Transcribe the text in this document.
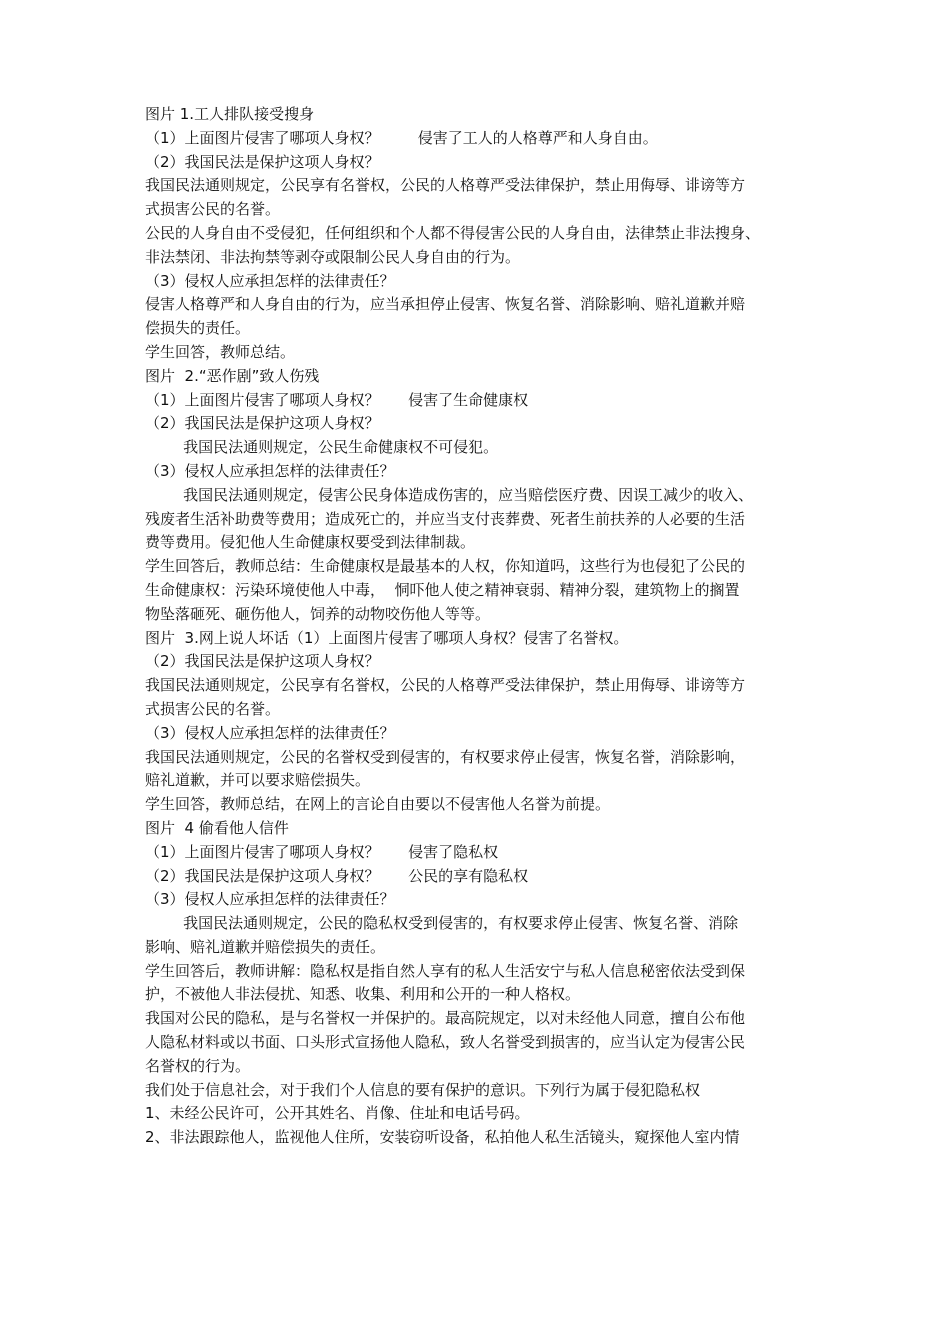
图片 1.工人排队接受搜身
（1）上面图片侵害了哪项人身权？        侵害了工人的人格尊严和人身自由。
（2）我国民法是保护这项人身权？
我国民法通则规定，公民享有名誉权，公民的人格尊严受法律保护，禁止用侮辱、诽谤等方
式损害公民的名誉。
公民的人身自由不受侵犯，任何组织和个人都不得侵害公民的人身自由，法律禁止非法搜身、
非法禁闭、非法拘禁等剥夺或限制公民人身自由的行为。
（3）侵权人应承担怎样的法律责任？
侵害人格尊严和人身自由的行为，应当承担停止侵害、恢复名誉、消除影响、赔礼道歉并赔
偿损失的责任。
学生回答，教师总结。
图片  2.“恶作剧”致人伤残
（1）上面图片侵害了哪项人身权？      侵害了生命健康权
（2）我国民法是保护这项人身权？
我国民法通则规定，公民生命健康权不可侵犯。
（3）侵权人应承担怎样的法律责任？
我国民法通则规定，侵害公民身体造成伤害的，应当赔偿医疗费、因误工减少的收入、
残废者生活补助费等费用；造成死亡的，并应当支付丧葬费、死者生前扶养的人必要的生活
费等费用。侵犯他人生命健康权要受到法律制裁。
学生回答后，教师总结：生命健康权是最基本的人权，你知道吗，这些行为也侵犯了公民的
生命健康权：污染环境使他人中毒，  恫吓他人使之精神衰弱、精神分裂，建筑物上的搁置
物坠落砸死、砸伤他人，饲养的动物咬伤他人等等。
图片  3.网上说人坏话（1）上面图片侵害了哪项人身权？侵害了名誉权。
（2）我国民法是保护这项人身权？
我国民法通则规定，公民享有名誉权，公民的人格尊严受法律保护，禁止用侮辱、诽谤等方
式损害公民的名誉。
（3）侵权人应承担怎样的法律责任？
我国民法通则规定，公民的名誉权受到侵害的，有权要求停止侵害，恢复名誉，消除影响，
赔礼道歉，并可以要求赔偿损失。
学生回答，教师总结，在网上的言论自由要以不侵害他人名誉为前提。
图片  4 偷看他人信件
（1）上面图片侵害了哪项人身权？      侵害了隐私权
（2）我国民法是保护这项人身权？      公民的享有隐私权
（3）侵权人应承担怎样的法律责任？
我国民法通则规定，公民的隐私权受到侵害的，有权要求停止侵害、恢复名誉、消除
影响、赔礼道歉并赔偿损失的责任。
学生回答后，教师讲解：隐私权是指自然人享有的私人生活安宁与私人信息秘密依法受到保
护，不被他人非法侵扰、知悉、收集、利用和公开的一种人格权。
我国对公民的隐私，是与名誉权一并保护的。最高院规定，以对未经他人同意，擅自公布他
人隐私材料或以书面、口头形式宣扬他人隐私，致人名誉受到损害的，应当认定为侵害公民
名誉权的行为。
我们处于信息社会，对于我们个人信息的要有保护的意识。下列行为属于侵犯隐私权
1、未经公民许可，公开其姓名、肖像、住址和电话号码。
2、非法跟踪他人，监视他人住所，安装窃听设备，私拍他人私生活镜头，窥探他人室内情
